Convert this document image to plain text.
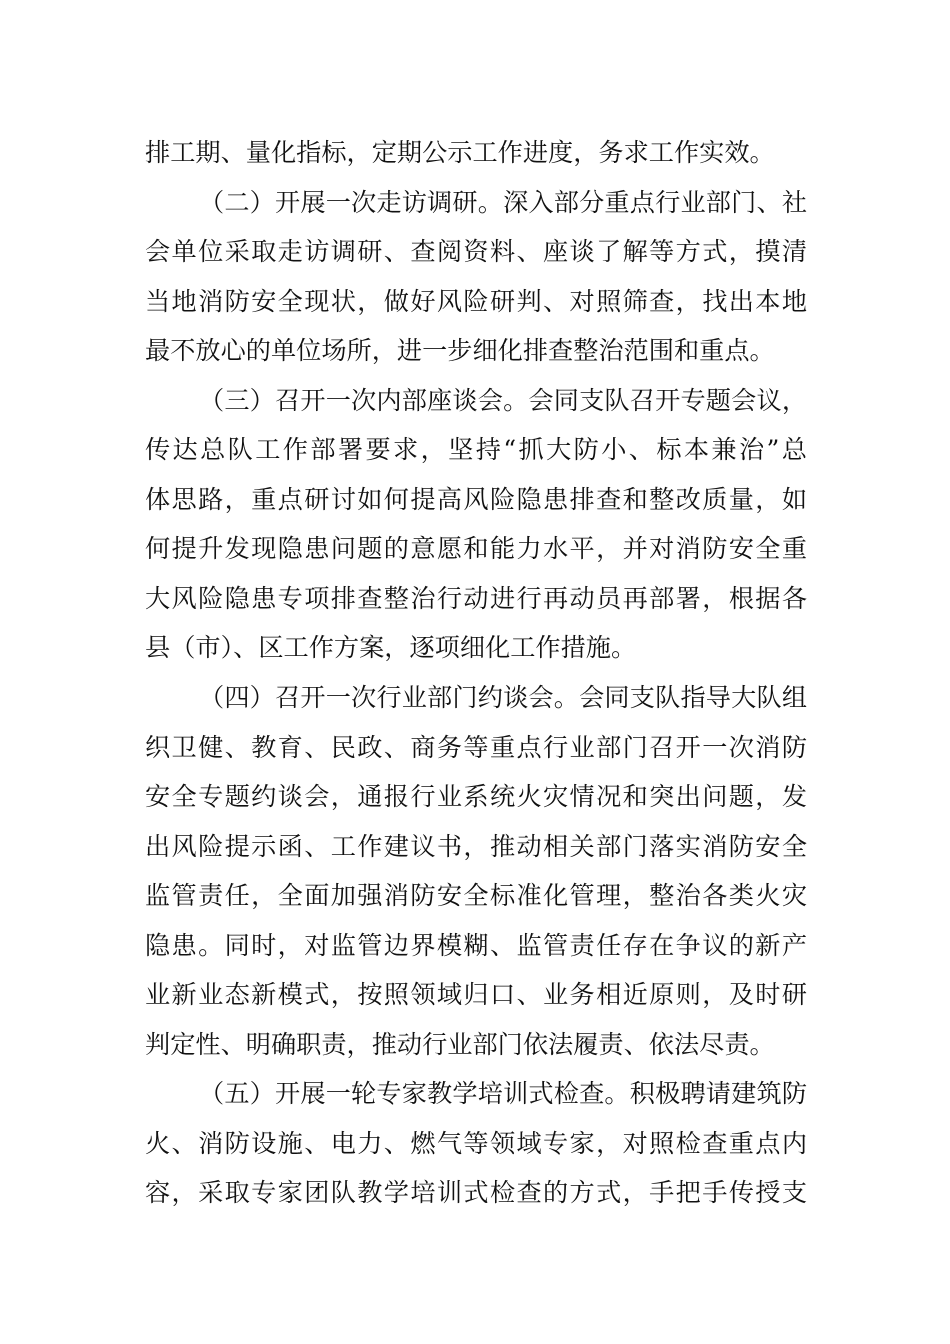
排工期、量化指标，定期公示工作进度，务求工作实效。
（二）开展一次走访调研。深入部分重点行业部门、社
会单位采取走访调研、查阅资料、座谈了解等方式，摸清
当地消防安全现状，做好风险研判、对照筛查，找出本地
最不放心的单位场所，进一步细化排查整治范围和重点。
（三）召开一次内部座谈会。会同支队召开专题会议，
传达总队工作部署要求，坚持“抓大防小、标本兼治”总
体思路，重点研讨如何提高风险隐患排查和整改质量，如
何提升发现隐患问题的意愿和能力水平，并对消防安全重
大风险隐患专项排查整治行动进行再动员再部署，根据各
县（市）、区工作方案，逐项细化工作措施。
（四）召开一次行业部门约谈会。会同支队指导大队组
织卫健、教育、民政、商务等重点行业部门召开一次消防
安全专题约谈会，通报行业系统火灾情况和突出问题，发
出风险提示函、工作建议书，推动相关部门落实消防安全
监管责任，全面加强消防安全标准化管理，整治各类火灾
隐患。同时，对监管边界模糊、监管责任存在争议的新产
业新业态新模式，按照领域归口、业务相近原则，及时研
判定性、明确职责，推动行业部门依法履责、依法尽责。
（五）开展一轮专家教学培训式检查。积极聘请建筑防
火、消防设施、电力、燃气等领域专家，对照检查重点内
容，采取专家团队教学培训式检查的方式，手把手传授支
